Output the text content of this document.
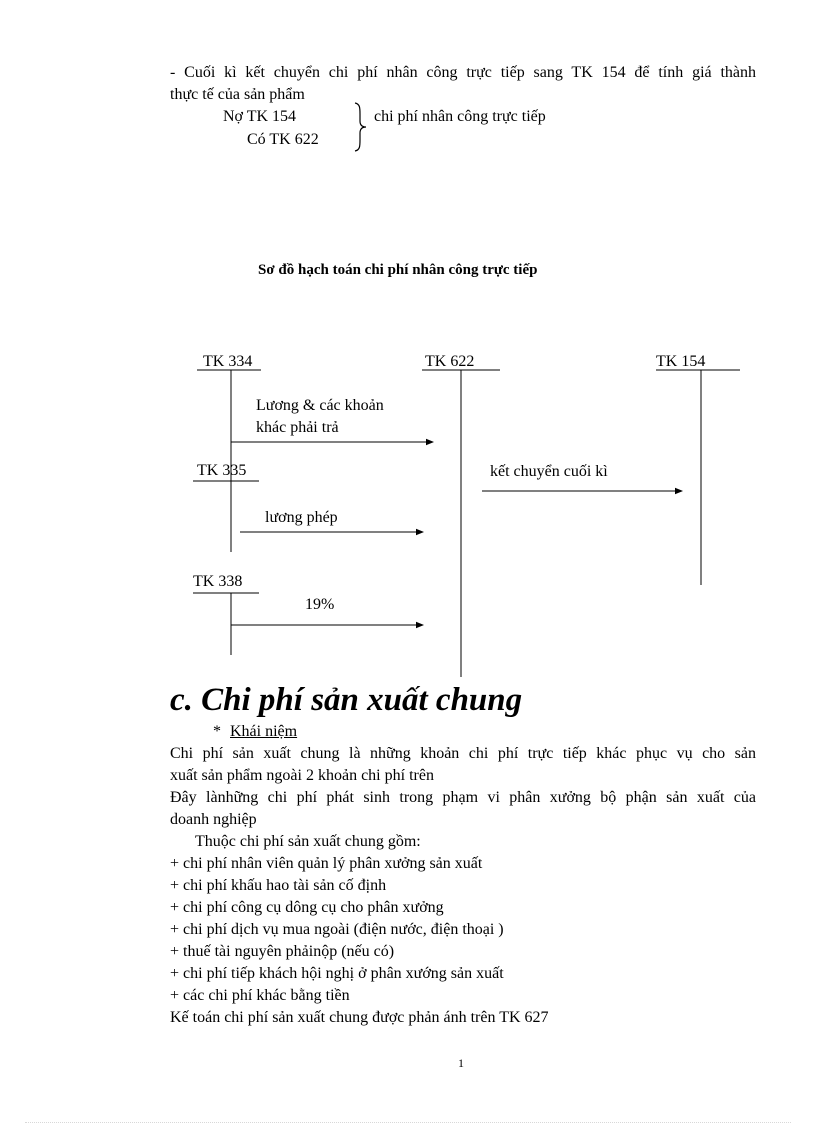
- Cuối kì kết chuyển chi phí nhân công trực tiếp sang TK 154 để tính giá thành
thực tế của sản phẩm
Nợ TK 154
Có TK 622
chi phí nhân công trực tiếp
Sơ đồ hạch toán chi phí nhân công trực tiếp
TK 334	TK 622	TK 154
TK 335
TK 338
Lương & các khoản
khác phải trả
kết chuyển cuối kì
lương phép
19%
c. Chi phí sản xuất chung
* Khái niệm
Chi phí sản xuất chung là những khoản chi phí trực tiếp khác phục vụ cho sản
xuất sản phẩm ngoài 2 khoản chi phí trên
Đây lànhững chi phí phát sinh trong phạm vi phân xưởng bộ phận sản xuất của
doanh nghiệp
Thuộc chi phí sản xuất chung gồm:
+ chi phí nhân viên quản lý phân xưởng sản xuất
+ chi phí khấu hao tài sản cố định
+ chi phí công cụ dông cụ cho phân xưởng
+ chi phí dịch vụ mua ngoài (điện nước, điện thoại )
+ thuế tài nguyên phảinộp (nếu có)
+ chi phí tiếp khách hội nghị ở phân xướng sản xuất
+ các chi phí khác bằng tiền
Kế toán chi phí sản xuất chung được phản ánh trên TK 627
1
